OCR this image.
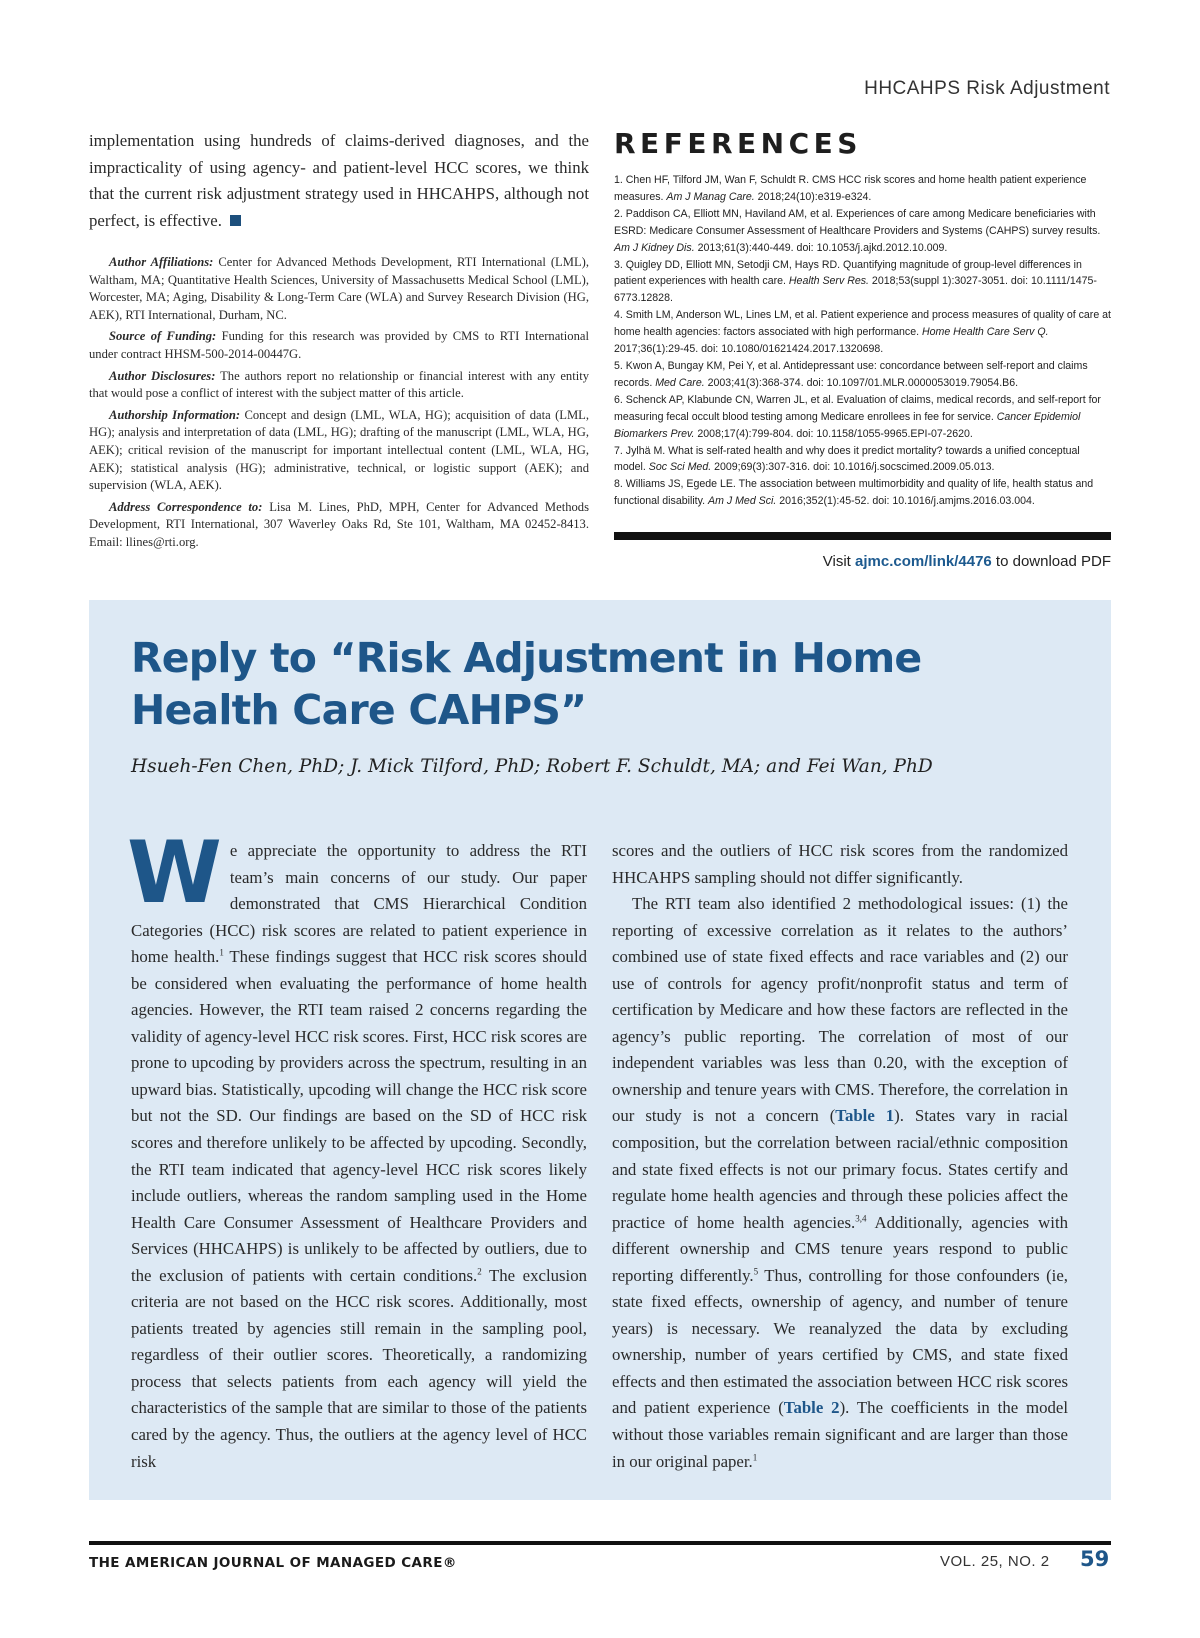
HHCAHPS Risk Adjustment

implementation using hundreds of claims-derived diagnoses, and the impracticality of using agency- and patient-level HCC scores, we think that the current risk adjustment strategy used in HHCAHPS, although not perfect, is effective.

Author Affiliations: Center for Advanced Methods Development, RTI International (LML), Waltham, MA; Quantitative Health Sciences, University of Massachusetts Medical School (LML), Worcester, MA; Aging, Disability & Long-Term Care (WLA) and Survey Research Division (HG, AEK), RTI International, Durham, NC.

Source of Funding: Funding for this research was provided by CMS to RTI International under contract HHSM-500-2014-00447G.

Author Disclosures: The authors report no relationship or financial interest with any entity that would pose a conflict of interest with the subject matter of this article.

Authorship Information: Concept and design (LML, WLA, HG); acquisition of data (LML, HG); analysis and interpretation of data (LML, HG); drafting of the manuscript (LML, WLA, HG, AEK); critical revision of the manuscript for important intellectual content (LML, WLA, HG, AEK); statistical analysis (HG); administrative, technical, or logistic support (AEK); and supervision (WLA, AEK).

Address Correspondence to: Lisa M. Lines, PhD, MPH, Center for Advanced Methods Development, RTI International, 307 Waverley Oaks Rd, Ste 101, Waltham, MA 02452-8413. Email: llines@rti.org.

REFERENCES
1. Chen HF, Tilford JM, Wan F, Schuldt R. CMS HCC risk scores and home health patient experience measures. Am J Manag Care. 2018;24(10):e319-e324.
2. Paddison CA, Elliott MN, Haviland AM, et al. Experiences of care among Medicare beneficiaries with ESRD: Medicare Consumer Assessment of Healthcare Providers and Systems (CAHPS) survey results. Am J Kidney Dis. 2013;61(3):440-449. doi: 10.1053/j.ajkd.2012.10.009.
3. Quigley DD, Elliott MN, Setodji CM, Hays RD. Quantifying magnitude of group-level differences in patient experiences with health care. Health Serv Res. 2018;53(suppl 1):3027-3051. doi: 10.1111/1475-6773.12828.
4. Smith LM, Anderson WL, Lines LM, et al. Patient experience and process measures of quality of care at home health agencies: factors associated with high performance. Home Health Care Serv Q. 2017;36(1):29-45. doi: 10.1080/01621424.2017.1320698.
5. Kwon A, Bungay KM, Pei Y, et al. Antidepressant use: concordance between self-report and claims records. Med Care. 2003;41(3):368-374. doi: 10.1097/01.MLR.0000053019.79054.B6.
6. Schenck AP, Klabunde CN, Warren JL, et al. Evaluation of claims, medical records, and self-report for measuring fecal occult blood testing among Medicare enrollees in fee for service. Cancer Epidemiol Biomarkers Prev. 2008;17(4):799-804. doi: 10.1158/1055-9965.EPI-07-2620.
7. Jylhä M. What is self-rated health and why does it predict mortality? towards a unified conceptual model. Soc Sci Med. 2009;69(3):307-316. doi: 10.1016/j.socscimed.2009.05.013.
8. Williams JS, Egede LE. The association between multimorbidity and quality of life, health status and functional disability. Am J Med Sci. 2016;352(1):45-52. doi: 10.1016/j.amjms.2016.03.004.
Visit ajmc.com/link/4476 to download PDF
Reply to “Risk Adjustment in Home Health Care CAHPS”
Hsueh-Fen Chen, PhD; J. Mick Tilford, PhD; Robert F. Schuldt, MA; and Fei Wan, PhD

We appreciate the opportunity to address the RTI team’s main concerns of our study. Our paper demonstrated that CMS Hierarchical Condition Categories (HCC) risk scores are related to patient experience in home health.$^1$ These findings suggest that HCC risk scores should be considered when evaluating the performance of home health agencies. However, the RTI team raised 2 concerns regarding the validity of agency-level HCC risk scores. First, HCC risk scores are prone to upcoding by providers across the spectrum, resulting in an upward bias. Statistically, upcoding will change the HCC risk score but not the SD. Our findings are based on the SD of HCC risk scores and therefore unlikely to be affected by upcoding. Secondly, the RTI team indicated that agency-level HCC risk scores likely include outliers, whereas the random sampling used in the Home Health Care Consumer Assessment of Healthcare Providers and Services (HHCAHPS) is unlikely to be affected by outliers, due to the exclusion of patients with certain conditions.$^2$ The exclusion criteria are not based on the HCC risk scores. Additionally, most patients treated by agencies still remain in the sampling pool, regardless of their outlier scores. Theoretically, a randomizing process that selects patients from each agency will yield the characteristics of the sample that are similar to those of the patients cared by the agency. Thus, the outliers at the agency level of HCC risk

scores and the outliers of HCC risk scores from the randomized HHCAHPS sampling should not differ significantly.

The RTI team also identified 2 methodological issues: (1) the reporting of excessive correlation as it relates to the authors’ combined use of state fixed effects and race variables and (2) our use of controls for agency profit/nonprofit status and term of certification by Medicare and how these factors are reflected in the agency’s public reporting. The correlation of most of our independent variables was less than 0.20, with the exception of ownership and tenure years with CMS. Therefore, the correlation in our study is not a concern (Table 1). States vary in racial composition, but the correlation between racial/ethnic composition and state fixed effects is not our primary focus. States certify and regulate home health agencies and through these policies affect the practice of home health agencies.$^{3,4}$ Additionally, agencies with different ownership and CMS tenure years respond to public reporting differently.$^5$ Thus, controlling for those confounders (ie, state fixed effects, ownership of agency, and number of tenure years) is necessary. We reanalyzed the data by excluding ownership, number of years certified by CMS, and state fixed effects and then estimated the association between HCC risk scores and patient experience (Table 2). The coefficients in the model without those variables remain significant and are larger than those in our original paper.$^1$

THE AMERICAN JOURNAL OF MANAGED CARE®	VOL. 25, NO. 2 59
